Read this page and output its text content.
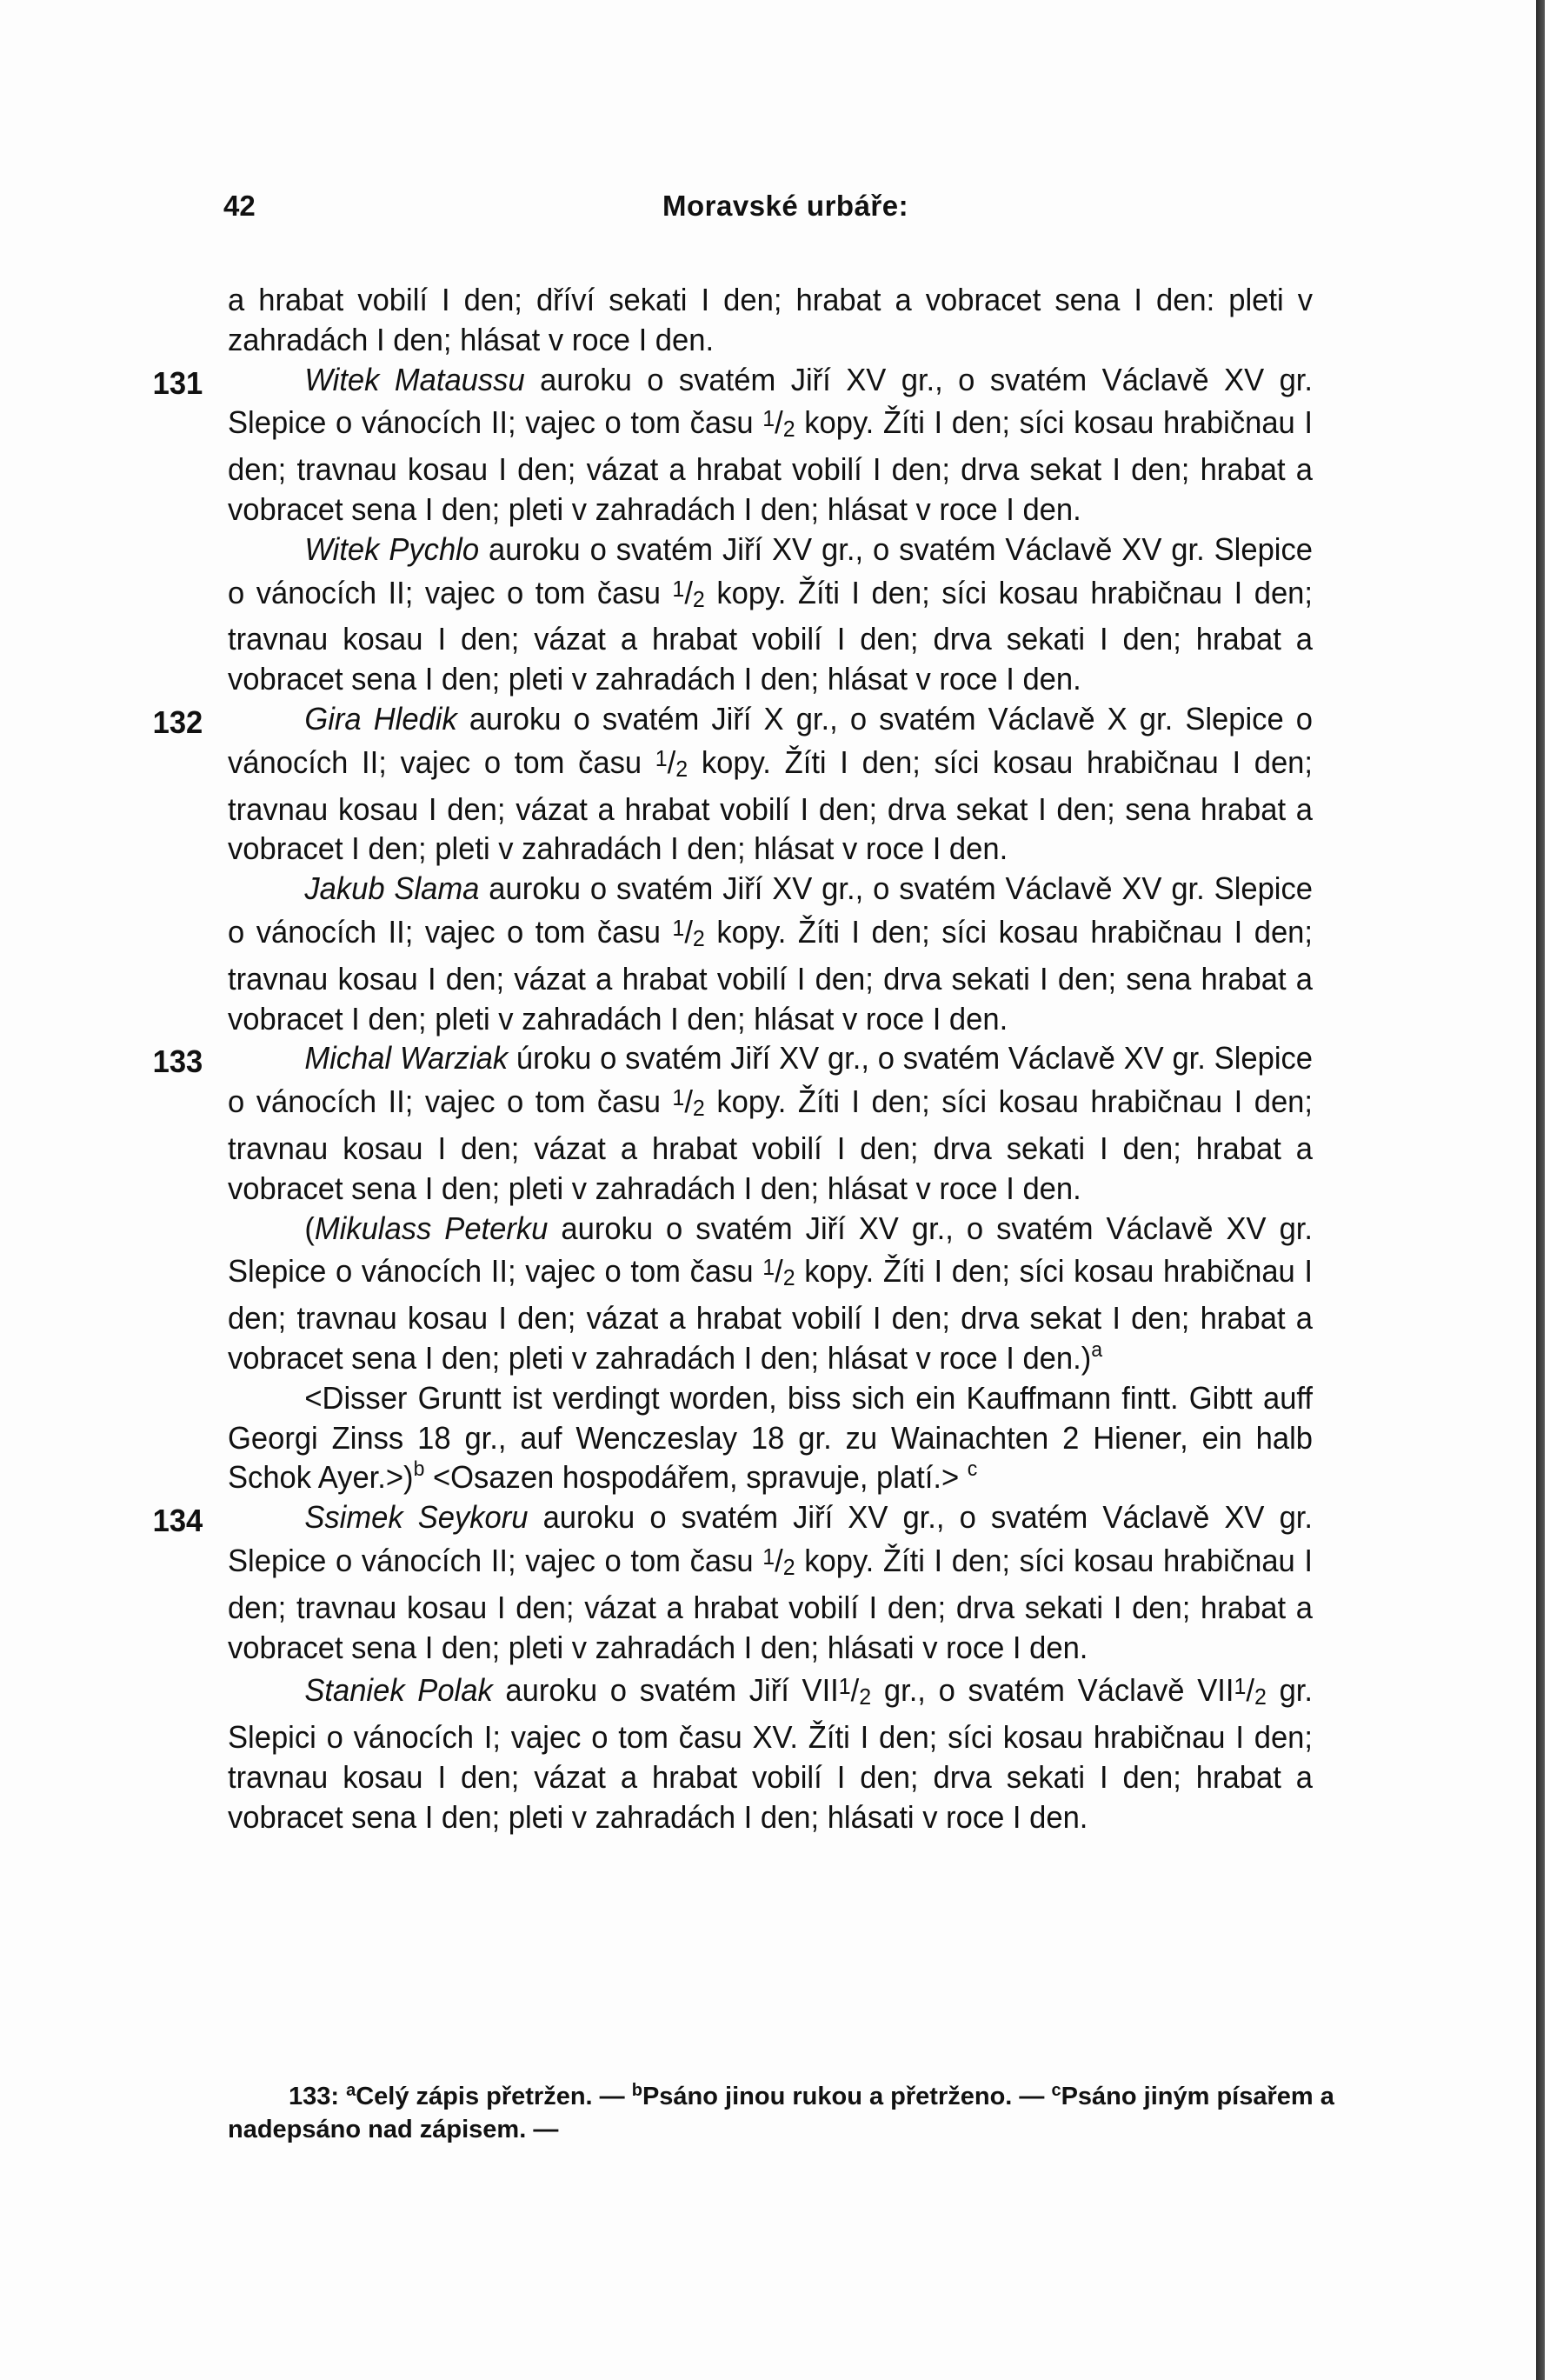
42	Moravské urbáře:

a hrabat vobilí I den; dříví sekati I den; hrabat a vobracet sena I den: pleti v zahradách I den; hlásat v roce I den.

131	Witek Mataussu auroku o svatém Jiří XV gr., o svatém Václavě XV gr. Slepice o vánocích II; vajec o tom času $^1$/2 kopy. Žíti I den; síci kosau hrabičnau I den; travnau kosau I den; vázat a hrabat vobilí I den; drva sekat I den; hrabat a vobracet sena I den; pleti v zahradách I den; hlásat v roce I den.

Witek Pychlo auroku o svatém Jiří XV gr., o svatém Václavě XV gr. Slepice o vánocích II; vajec o tom času $^1$/2 kopy. Žíti I den; síci kosau hrabičnau I den; travnau kosau I den; vázat a hrabat vobilí I den; drva sekati I den; hrabat a vobracet sena I den; pleti v zahradách I den; hlásat v roce I den.

132	Gira Hledik auroku o svatém Jiří X gr., o svatém Václavě X gr. Slepice o vánocích II; vajec o tom času $^1$/2 kopy. Žíti I den; síci kosau hrabičnau I den; travnau kosau I den; vázat a hrabat vobilí I den; drva sekat I den; sena hrabat a vobracet I den; pleti v zahradách I den; hlásat v roce I den.

Jakub Slama auroku o svatém Jiří XV gr., o svatém Václavě XV gr. Slepice o vánocích II; vajec o tom času $^1$/2 kopy. Žíti I den; síci kosau hrabičnau I den; travnau kosau I den; vázat a hrabat vobilí I den; drva sekati I den; sena hrabat a vobracet I den; pleti v zahradách I den; hlásat v roce I den.

133	Michal Warziak úroku o svatém Jiří XV gr., o svatém Václavě XV gr. Slepice o vánocích II; vajec o tom času $^1$/2 kopy. Žíti I den; síci kosau hrabičnau I den; travnau kosau I den; vázat a hrabat vobilí I den; drva sekati I den; hrabat a vobracet sena I den; pleti v zahradách I den; hlásat v roce I den.

(Mikulass Peterku auroku o svatém Jiří XV gr., o svatém Václavě XV gr. Slepice o vánocích II; vajec o tom času $^1$/2 kopy. Žíti I den; síci kosau hrabičnau I den; travnau kosau I den; vázat a hrabat vobilí I den; drva sekat I den; hrabat a vobracet sena I den; pleti v zahradách I den; hlásat v roce I den.)$^a$

<Disser Gruntt ist verdingt worden, biss sich ein Kauffmann fintt. Gibtt auff Georgi Zinss 18 gr., auf Wenczeslay 18 gr. zu Wainachten 2 Hiener, ein halb Schok Ayer.>)$^b$ <Osazen hospodářem, spravuje, platí.> $^c$

134	Ssimek Seykoru auroku o svatém Jiří XV gr., o svatém Václavě XV gr. Slepice o vánocích II; vajec o tom času $^1$/2 kopy. Žíti I den; síci kosau hrabičnau I den; travnau kosau I den; vázat a hrabat vobilí I den; drva sekati I den; hrabat a vobracet sena I den; pleti v zahradách I den; hlásati v roce I den.

Staniek Polak auroku o svatém Jiří VII$^1$/2 gr., o svatém Václavě VII$^1$/2 gr. Slepici o vánocích I; vajec o tom času XV. Žíti I den; síci kosau hrabičnau I den; travnau kosau I den; vázat a hrabat vobilí I den; drva sekati I den; hrabat a vobracet sena I den; pleti v zahradách I den; hlásati v roce I den.

133: $^a$Celý zápis přetržen. — $^b$Psáno jinou rukou a přetrženo. — $^c$Psáno jiným písařem a nadepsáno nad zápisem. —
